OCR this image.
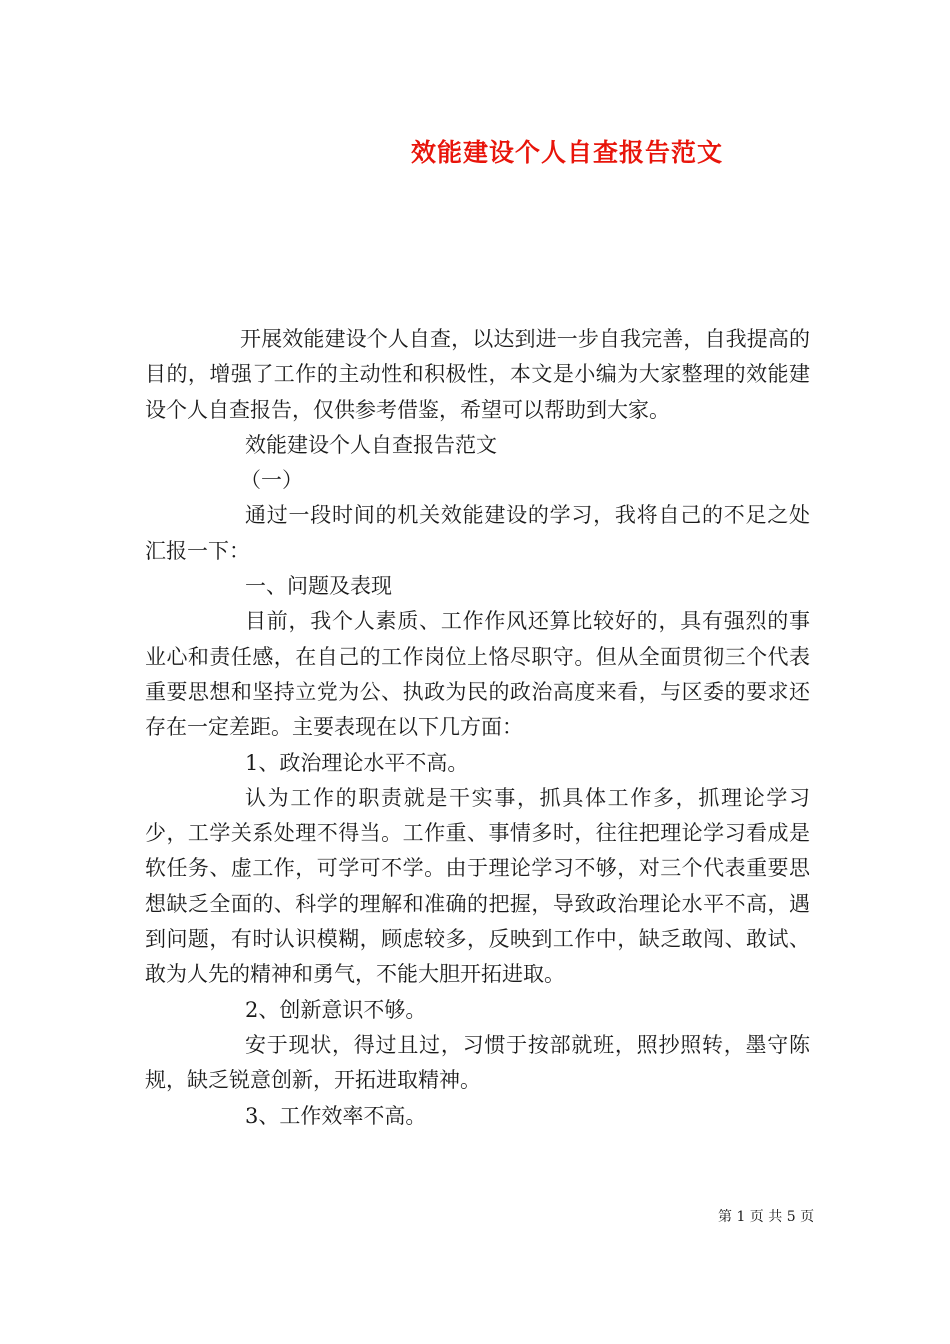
效能建设个人自查报告范文

开展效能建设个人自查，以达到进一步自我完善，自我提高的目的，增强了工作的主动性和积极性，本文是小编为大家整理的效能建设个人自查报告，仅供参考借鉴，希望可以帮助到大家。

效能建设个人自查报告范文

（一）

通过一段时间的机关效能建设的学习，我将自己的不足之处汇报一下：

一、问题及表现

目前，我个人素质、工作作风还算比较好的，具有强烈的事业心和责任感，在自己的工作岗位上恪尽职守。但从全面贯彻三个代表重要思想和坚持立党为公、执政为民的政治高度来看，与区委的要求还存在一定差距。主要表现在以下几方面：

1、政治理论水平不高。

认为工作的职责就是干实事，抓具体工作多，抓理论学习少，工学关系处理不得当。工作重、事情多时，往往把理论学习看成是软任务、虚工作，可学可不学。由于理论学习不够，对三个代表重要思想缺乏全面的、科学的理解和准确的把握，导致政治理论水平不高，遇到问题，有时认识模糊，顾虑较多，反映到工作中，缺乏敢闯、敢试、敢为人先的精神和勇气，不能大胆开拓进取。

2、创新意识不够。

安于现状，得过且过，习惯于按部就班，照抄照转，墨守陈规，缺乏锐意创新，开拓进取精神。

3、工作效率不高。

第 1 页 共 5 页
